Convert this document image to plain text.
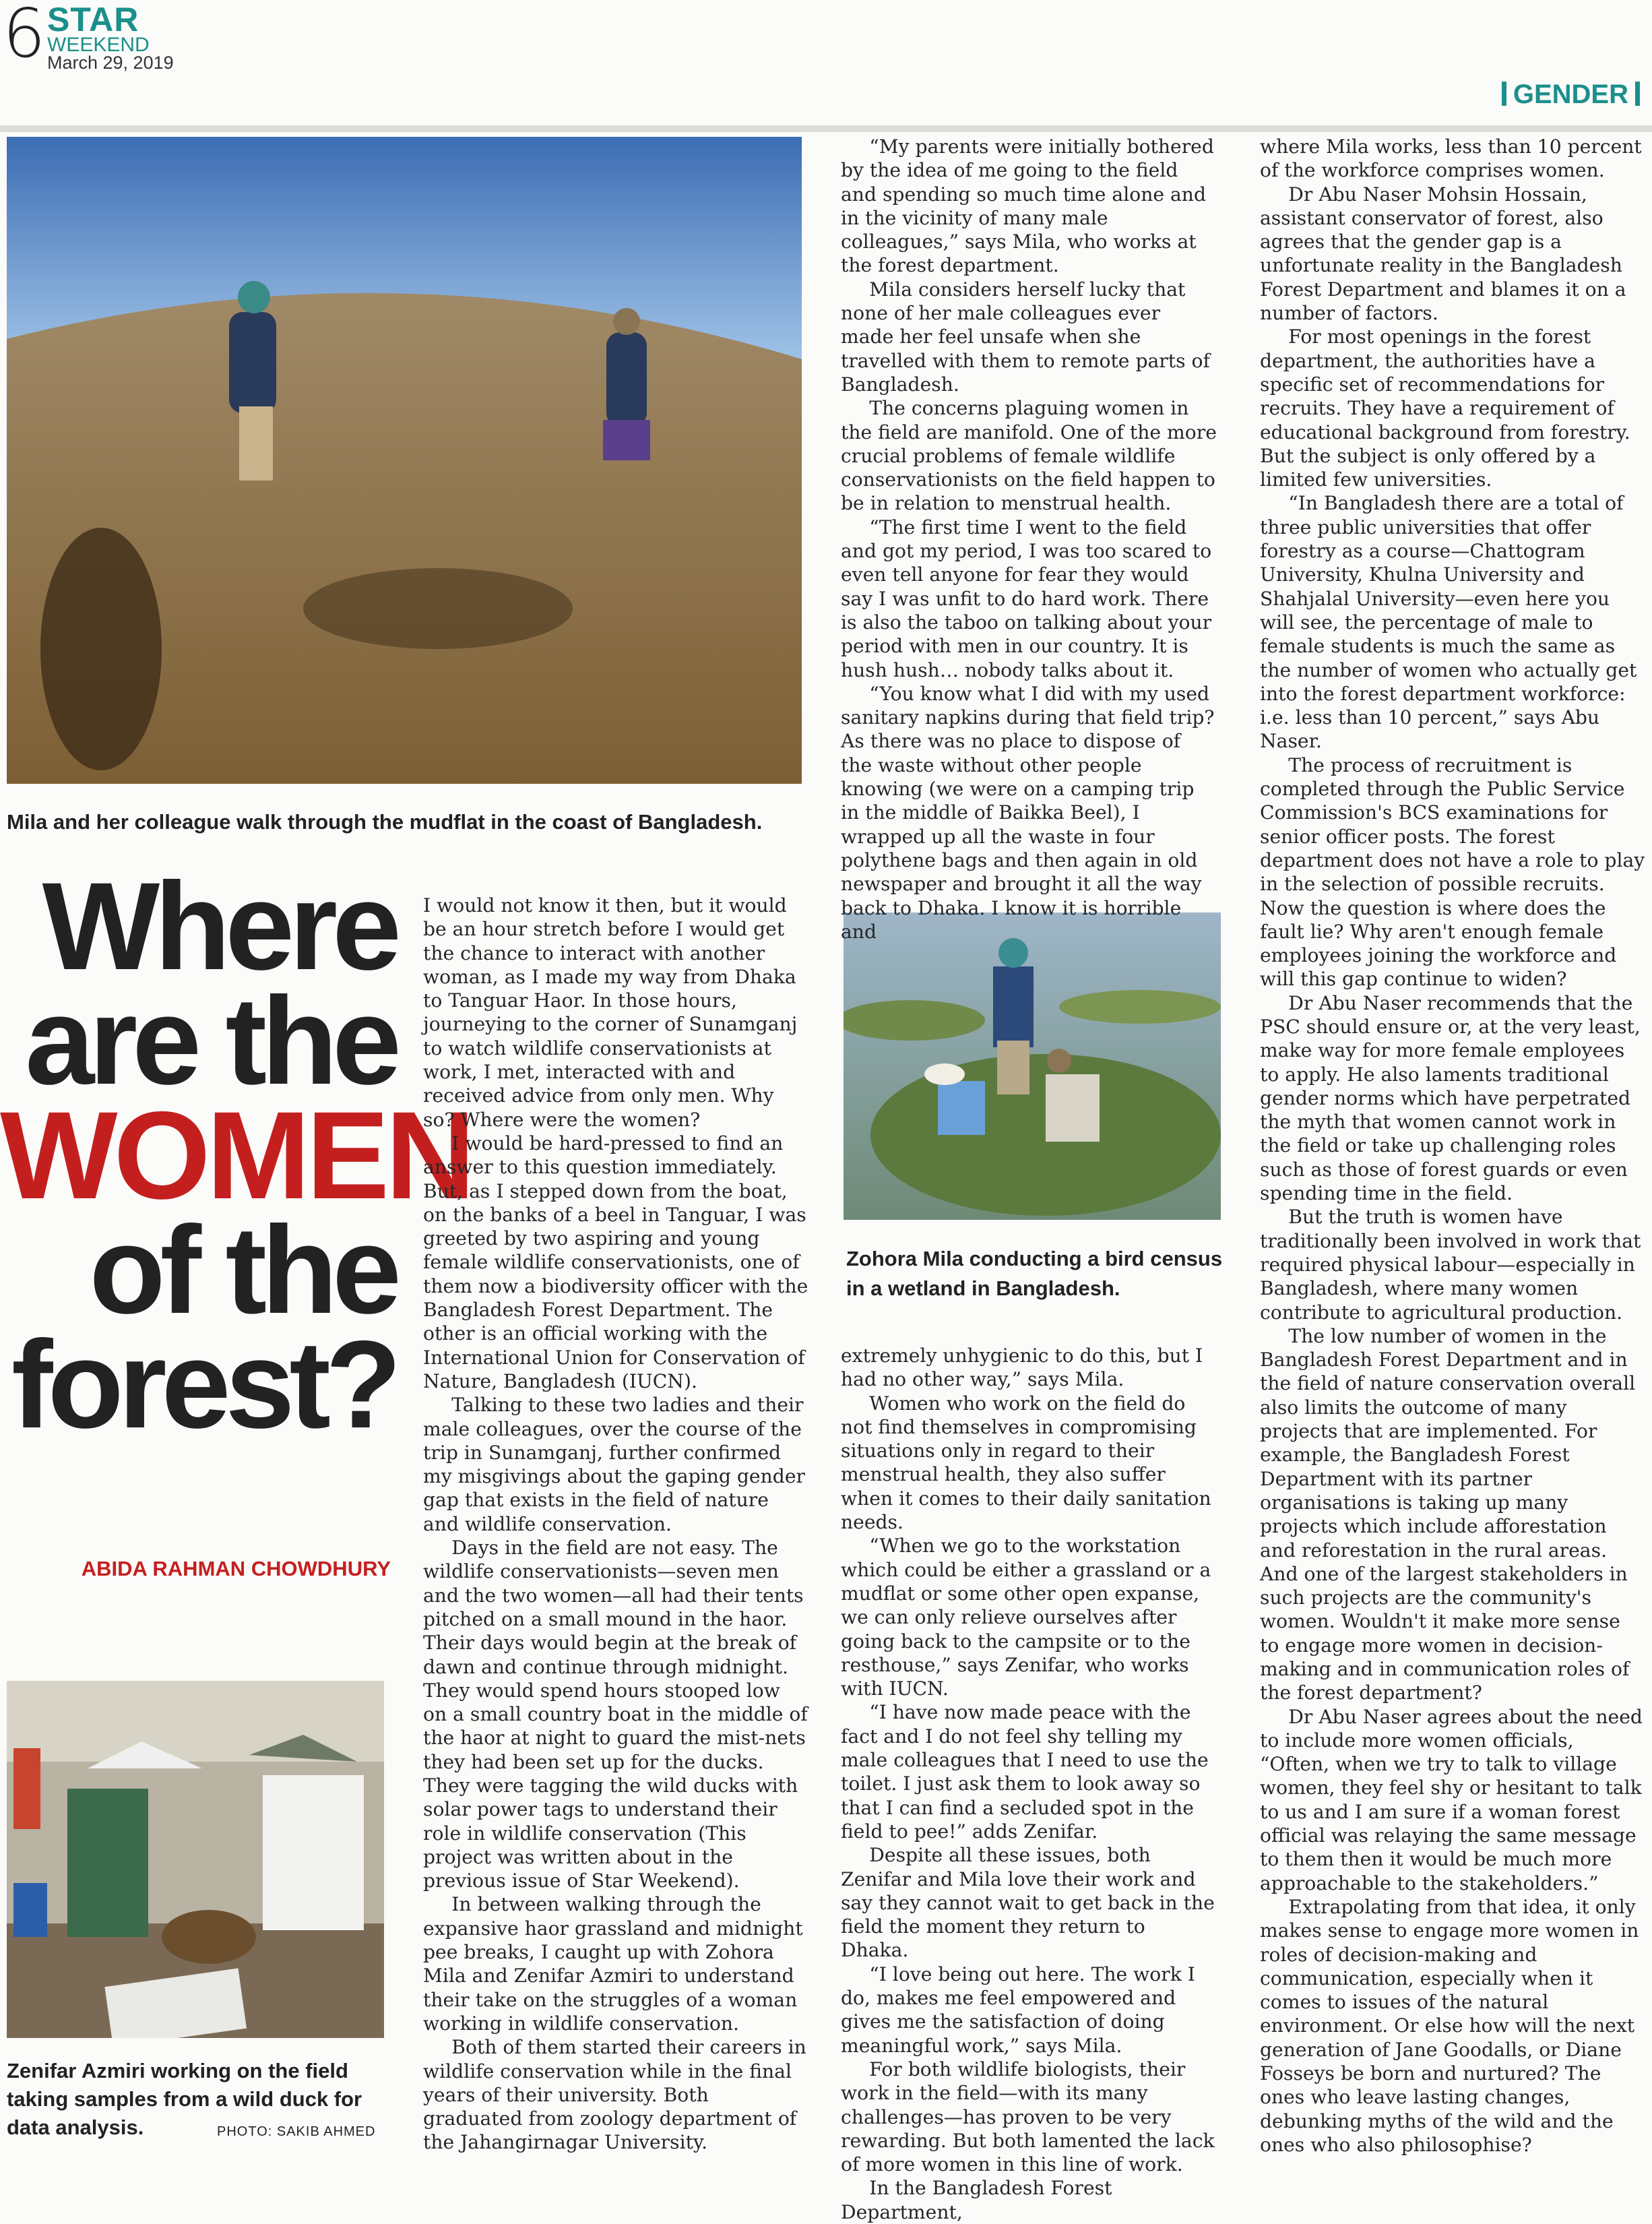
6 STAR
WEEKEND
March 29, 2019
GENDER
Mila and her colleague walk through the mudflat in the coast of Bangladesh.
Where
are the
WOMEN
of the
forest?
ABIDA RAHMAN CHOWDHURY
Zenifar Azmiri working on the field taking samples from a wild duck for data analysis.	PHOTO: SAKIB AHMED
Zohora Mila conducting a bird census in a wetland in Bangladesh.

I would not know it then, but it would be an hour stretch before I would get the chance to interact with another woman, as I made my way from Dhaka to Tanguar Haor. In those hours, journeying to the corner of Sunamganj to watch wildlife conservationists at work, I met, interacted with and received advice from only men. Why so? Where were the women?

I would be hard-pressed to find an answer to this question immediately. But, as I stepped down from the boat, on the banks of a beel in Tanguar, I was greeted by two aspiring and young female wildlife conservationists, one of them now a biodiversity officer with the Bangladesh Forest Department. The other is an official working with the International Union for Conservation of Nature, Bangladesh (IUCN).

Talking to these two ladies and their male colleagues, over the course of the trip in Sunamganj, further confirmed my misgivings about the gaping gender gap that exists in the field of nature and wildlife conservation.

Days in the field are not easy. The wildlife conservationists—seven men and the two women—all had their tents pitched on a small mound in the haor. Their days would begin at the break of dawn and continue through midnight. They would spend hours stooped low on a small country boat in the middle of the haor at night to guard the mist-nets they had been set up for the ducks. They were tagging the wild ducks with solar power tags to understand their role in wildlife conservation (This project was written about in the previous issue of Star Weekend).

In between walking through the expansive haor grassland and midnight pee breaks, I caught up with Zohora Mila and Zenifar Azmiri to understand their take on the struggles of a woman working in wildlife conservation.

Both of them started their careers in wildlife conservation while in the final years of their university. Both graduated from zoology department of the Jahangirnagar University.

“My parents were initially bothered by the idea of me going to the field and spending so much time alone and in the vicinity of many male colleagues,” says Mila, who works at the forest department.

Mila considers herself lucky that none of her male colleagues ever made her feel unsafe when she travelled with them to remote parts of Bangladesh.

The concerns plaguing women in the field are manifold. One of the more crucial problems of female wildlife conservationists on the field happen to be in relation to menstrual health.

“The first time I went to the field and got my period, I was too scared to even tell anyone for fear they would say I was unfit to do hard work. There is also the taboo on talking about your period with men in our country. It is hush hush… nobody talks about it.

“You know what I did with my used sanitary napkins during that field trip? As there was no place to dispose of the waste without other people knowing (we were on a camping trip in the middle of Baikka Beel), I wrapped up all the waste in four polythene bags and then again in old newspaper and brought it all the way back to Dhaka. I know it is horrible and

extremely unhygienic to do this, but I had no other way,” says Mila.

Women who work on the field do not find themselves in compromising situations only in regard to their menstrual health, they also suffer when it comes to their daily sanitation needs.

“When we go to the workstation which could be either a grassland or a mudflat or some other open expanse, we can only relieve ourselves after going back to the campsite or to the resthouse,” says Zenifar, who works with IUCN.

“I have now made peace with the fact and I do not feel shy telling my male colleagues that I need to use the toilet. I just ask them to look away so that I can find a secluded spot in the field to pee!” adds Zenifar.

Despite all these issues, both Zenifar and Mila love their work and say they cannot wait to get back in the field the moment they return to Dhaka.

“I love being out here. The work I do, makes me feel empowered and gives me the satisfaction of doing meaningful work,” says Mila.

For both wildlife biologists, their work in the field—with its many challenges—has proven to be very rewarding. But both lamented the lack of more women in this line of work.

In the Bangladesh Forest Department,

where Mila works, less than 10 percent of the workforce comprises women.

Dr Abu Naser Mohsin Hossain, assistant conservator of forest, also agrees that the gender gap is a unfortunate reality in the Bangladesh Forest Department and blames it on a number of factors.

For most openings in the forest department, the authorities have a specific set of recommendations for recruits. They have a requirement of educational background from forestry. But the subject is only offered by a limited few universities.

“In Bangladesh there are a total of three public universities that offer forestry as a course—Chattogram University, Khulna University and Shahjalal University—even here you will see, the percentage of male to female students is much the same as the number of women who actually get into the forest department workforce: i.e. less than 10 percent,” says Abu Naser.

The process of recruitment is completed through the Public Service Commission's BCS examinations for senior officer posts. The forest department does not have a role to play in the selection of possible recruits. Now the question is where does the fault lie? Why aren't enough female employees joining the workforce and will this gap continue to widen?

Dr Abu Naser recommends that the PSC should ensure or, at the very least, make way for more female employees to apply. He also laments traditional gender norms which have perpetrated the myth that women cannot work in the field or take up challenging roles such as those of forest guards or even spending time in the field.

But the truth is women have traditionally been involved in work that required physical labour—especially in Bangladesh, where many women contribute to agricultural production.

The low number of women in the Bangladesh Forest Department and in the field of nature conservation overall also limits the outcome of many projects that are implemented. For example, the Bangladesh Forest Department with its partner organisations is taking up many projects which include afforestation and reforestation in the rural areas. And one of the largest stakeholders in such projects are the community's women. Wouldn't it make more sense to engage more women in decision-making and in communication roles of the forest department?

Dr Abu Naser agrees about the need to include more women officials, “Often, when we try to talk to village women, they feel shy or hesitant to talk to us and I am sure if a woman forest official was relaying the same message to them then it would be much more approachable to the stakeholders.”

Extrapolating from that idea, it only makes sense to engage more women in roles of decision-making and communication, especially when it comes to issues of the natural environment. Or else how will the next generation of Jane Goodalls, or Diane Fosseys be born and nurtured? The ones who leave lasting changes, debunking myths of the wild and the ones who also philosophise?
